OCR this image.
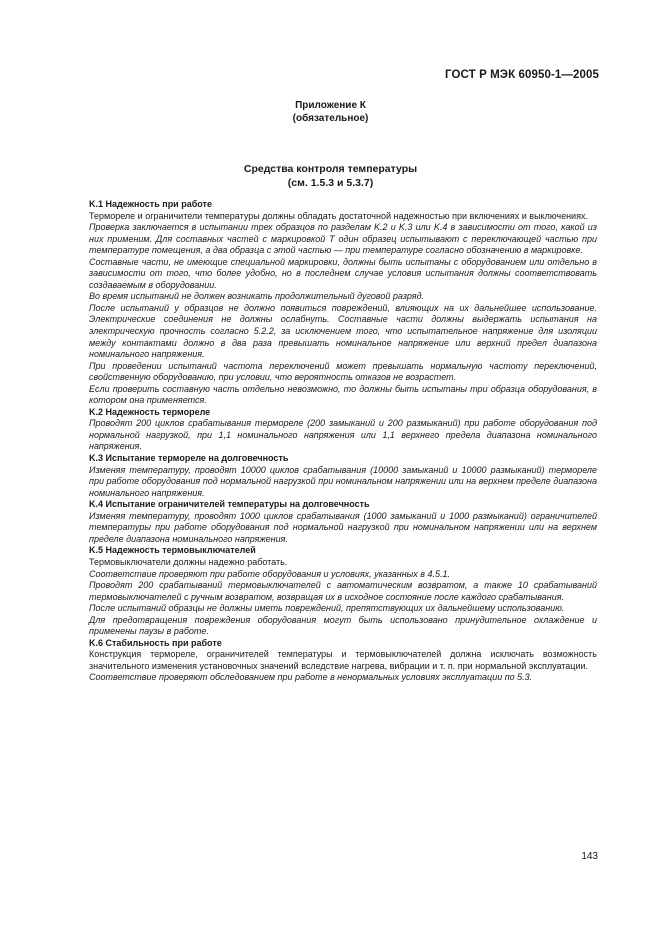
ГОСТ Р МЭК 60950-1—2005
Приложение К
(обязательное)
Средства контроля температуры
(см. 1.5.3 и 5.3.7)

K.1 Надежность при работе

Термореле и ограничители температуры должны обладать достаточной надежностью при включениях и выключениях.

Проверка заключается в испытании трех образцов по разделам K.2 и K.3 или K.4 в зависимости от того, какой из них применим. Для составных частей с маркировкой T один образец испытывают с переключающей частью при температуре помещения, а два образца с этой частью — при температуре согласно обозначению в маркировке.

Составные части, не имеющие специальной маркировки, должны быть испытаны с оборудованием или отдельно в зависимости от того, что более удобно, но в последнем случае условия испытания должны соответствовать создаваемым в оборудовании.

Во время испытаний не должен возникать продолжительный дуговой разряд.

После испытаний у образцов не должно появиться повреждений, влияющих на их дальнейшее использование. Электрические соединения не должны ослабнуть. Составные части должны выдержать испытания на электрическую прочность согласно 5.2.2, за исключением того, что испытательное напряжение для изоляции между контактами должно в два раза превышать номинальное напряжение или верхний предел диапазона номинального напряжения.

При проведении испытаний частота переключений может превышать нормальную частоту переключений, свойственную оборудованию, при условии, что вероятность отказов не возрастет.

Если проверить составную часть отдельно невозможно, то должны быть испытаны три образца оборудования, в котором она применяется.

K.2 Надежность термореле

Проводят 200 циклов срабатывания термореле (200 замыканий и 200 размыканий) при работе оборудования под нормальной нагрузкой, при 1,1 номинального напряжения или 1,1 верхнего предела диапазона номинального напряжения.

K.3 Испытание термореле на долговечность

Изменяя температуру, проводят 10000 циклов срабатывания (10000 замыканий и 10000 размыканий) термореле при работе оборудования под нормальной нагрузкой при номинальном напряжении или на верхнем пределе диапазона номинального напряжения.

K.4 Испытание ограничителей температуры на долговечность

Изменяя температуру, проводят 1000 циклов срабатывания (1000 замыканий и 1000 размыканий) ограничителей температуры при работе оборудования под нормальной нагрузкой при номинальном напряжении или на верхнем пределе диапазона номинального напряжения.

K.5 Надежность термовыключателей

Термовыключатели должны надежно работать.

Соответствие проверяют при работе оборудования и условиях, указанных в 4.5.1.

Проводят 200 срабатываний термовыключателей с автоматическим возвратом, а также 10 срабатываний термовыключателей с ручным возвратом, возвращая их в исходное состояние после каждого срабатывания.

После испытаний образцы не должны иметь повреждений, препятствующих их дальнейшему использованию.

Для предотвращения повреждения оборудования могут быть использовано принудительное охлаждение и применены паузы в работе.

K.6 Стабильность при работе

Конструкция термореле, ограничителей температуры и термовыключателей должна исключать возможность значительного изменения установочных значений вследствие нагрева, вибрации и т. п. при нормальной эксплуатации.

Соответствие проверяют обследованием при работе в ненормальных условиях эксплуатации по 5.3.

143
